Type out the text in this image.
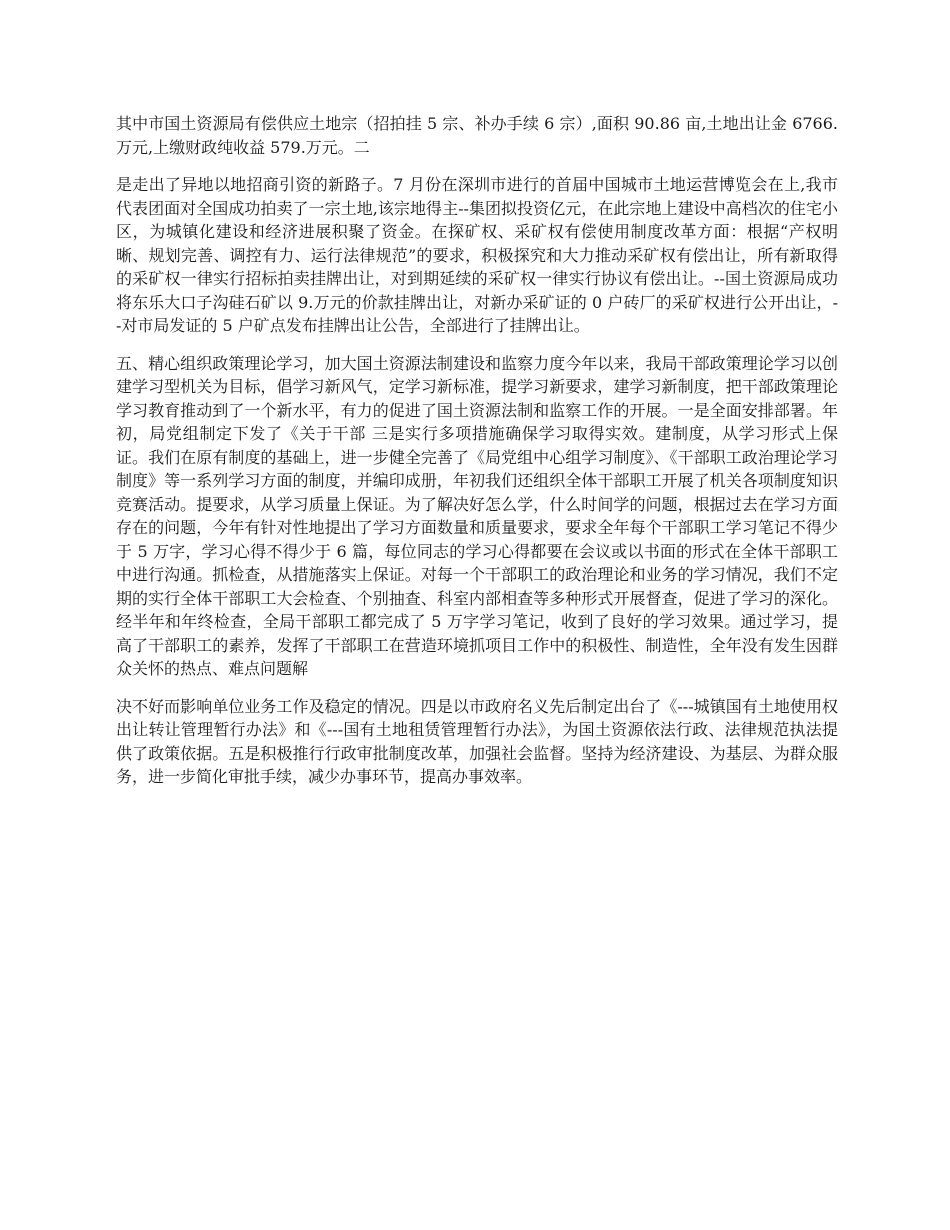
其中市国土资源局有偿供应土地宗（招拍挂 5 宗、补办手续 6 宗）,面积 90.86 亩,土地出让金 6766.万元,上缴财政纯收益 579.万元。二

是走出了异地以地招商引资的新路子。7 月份在深圳市进行的首届中国城市土地运营博览会在上,我市代表团面对全国成功拍卖了一宗土地,该宗地得主--集团拟投资亿元，在此宗地上建设中高档次的住宅小区，为城镇化建设和经济进展积聚了资金。在探矿权、采矿权有偿使用制度改革方面：根据“产权明晰、规划完善、调控有力、运行法律规范”的要求，积极探究和大力推动采矿权有偿出让，所有新取得的采矿权一律实行招标拍卖挂牌出让，对到期延续的采矿权一律实行协议有偿出让。--国土资源局成功将东乐大口子沟硅石矿以 9.万元的价款挂牌出让，对新办采矿证的 0 户砖厂的采矿权进行公开出让，--对市局发证的 5 户矿点发布挂牌出让公告，全部进行了挂牌出让。

五、精心组织政策理论学习，加大国土资源法制建设和监察力度今年以来，我局干部政策理论学习以创建学习型机关为目标，倡学习新风气，定学习新标准，提学习新要求，建学习新制度，把干部政策理论学习教育推动到了一个新水平，有力的促进了国土资源法制和监察工作的开展。一是全面安排部署。年初，局党组制定下发了《关于干部 三是实行多项措施确保学习取得实效。建制度，从学习形式上保证。我们在原有制度的基础上，进一步健全完善了《局党组中心组学习制度》、《干部职工政治理论学习制度》等一系列学习方面的制度，并编印成册，年初我们还组织全体干部职工开展了机关各项制度知识竞赛活动。提要求，从学习质量上保证。为了解决好怎么学，什么时间学的问题，根据过去在学习方面存在的问题，今年有针对性地提出了学习方面数量和质量要求，要求全年每个干部职工学习笔记不得少于 5 万字，学习心得不得少于 6 篇，每位同志的学习心得都要在会议或以书面的形式在全体干部职工中进行沟通。抓检查，从措施落实上保证。对每一个干部职工的政治理论和业务的学习情况，我们不定期的实行全体干部职工大会检查、个别抽查、科室内部相查等多种形式开展督查，促进了学习的深化。经半年和年终检查，全局干部职工都完成了 5 万字学习笔记，收到了良好的学习效果。通过学习，提高了干部职工的素养，发挥了干部职工在营造环境抓项目工作中的积极性、制造性，全年没有发生因群众关怀的热点、难点问题解

决不好而影响单位业务工作及稳定的情况。四是以市政府名义先后制定出台了《---城镇国有土地使用权出让转让管理暂行办法》和《---国有土地租赁管理暂行办法》，为国土资源依法行政、法律规范执法提供了政策依据。五是积极推行行政审批制度改革，加强社会监督。坚持为经济建设、为基层、为群众服务，进一步简化审批手续，减少办事环节，提高办事效率。
